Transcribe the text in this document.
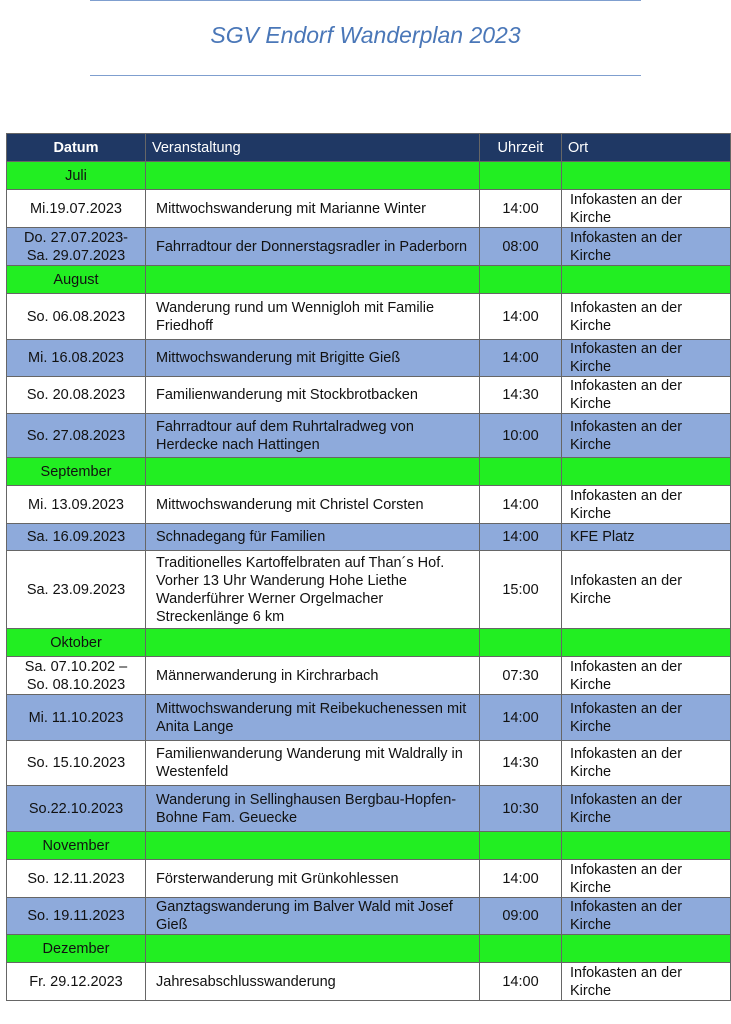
SGV Endorf Wanderplan 2023
Datum	Veranstaltung	Uhrzeit	Ort
Juli			
Mi.19.07.2023	Mittwochswanderung mit Marianne Winter	14:00	Infokasten an der Kirche
Do. 27.07.2023- Sa. 29.07.2023	Fahrradtour der Donnerstagsradler in Paderborn	08:00	Infokasten an der Kirche
August			
So. 06.08.2023	Wanderung rund um Wennigloh mit Familie Friedhoff	14:00	Infokasten an der Kirche
Mi. 16.08.2023	Mittwochswanderung mit Brigitte Gieß	14:00	Infokasten an der Kirche
So. 20.08.2023	Familienwanderung mit Stockbrotbacken	14:30	Infokasten an der Kirche
So. 27.08.2023	Fahrradtour auf dem Ruhrtalradweg von Herdecke nach Hattingen	10:00	Infokasten an der Kirche
September			
Mi. 13.09.2023	Mittwochswanderung mit Christel Corsten	14:00	Infokasten an der Kirche
Sa. 16.09.2023	Schnadegang für Familien	14:00	KFE Platz
Sa. 23.09.2023	Traditionelles Kartoffelbraten auf Than´s Hof. Vorher 13 Uhr Wanderung Hohe Liethe Wanderführer Werner Orgelmacher Streckenlänge 6 km	15:00	Infokasten an der Kirche
Oktober			
Sa. 07.10.202 – So. 08.10.2023	Männerwanderung in Kirchrarbach	07:30	Infokasten an der Kirche
Mi. 11.10.2023	Mittwochswanderung mit Reibekuchenessen mit Anita Lange	14:00	Infokasten an der Kirche
So. 15.10.2023	Familienwanderung Wanderung mit Waldrally in Westenfeld	14:30	Infokasten an der Kirche
So.22.10.2023	Wanderung in Sellinghausen Bergbau-Hopfen-Bohne Fam. Geuecke	10:30	Infokasten an der Kirche
November			
So. 12.11.2023	Försterwanderung mit Grünkohlessen	14:00	Infokasten an der Kirche
So. 19.11.2023	Ganztagswanderung im Balver Wald mit Josef Gieß	09:00	Infokasten an der Kirche
Dezember			
Fr. 29.12.2023	Jahresabschlusswanderung	14:00	Infokasten an der Kirche
